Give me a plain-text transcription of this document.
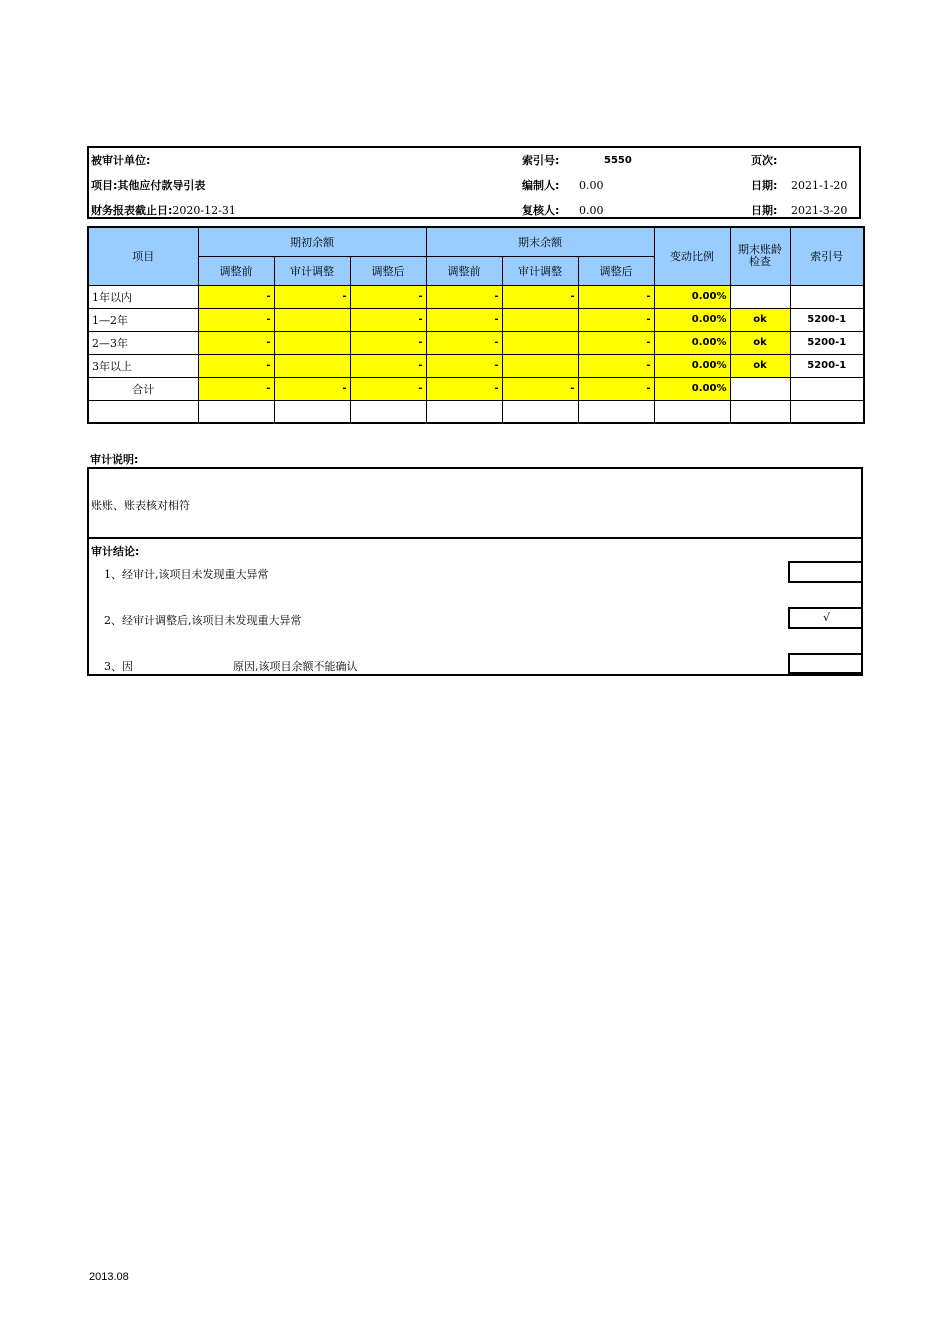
被审计单位:
项目:其他应付款导引表
财务报表截止日:2020-12-31
索引号:	5550
编制人: 0.00
复核人: 0.00
页次:
日期: 2021-1-20
日期: 2021-3-20
项目	期初余额			期末余额			变动比例	期末账龄检查	索引号
	调整前	审计调整	调整后	调整前	审计调整	调整后			
1年以内	-	-	-	-	-	-	0.00%		
1—2年	-		-	-		-	0.00%	ok	5200-1
2—3年	-		-	-		-	0.00%	ok	5200-1
3年以上	-		-	-		-	0.00%	ok	5200-1
合计	-	-	-	-	-	-	0.00%		

审计说明:
账账、账表核对相符
审计结论:
1、经审计,该项目未发现重大异常
2、经审计调整后,该项目未发现重大异常	√
3、因	原因,该项目余额不能确认
2013.08
